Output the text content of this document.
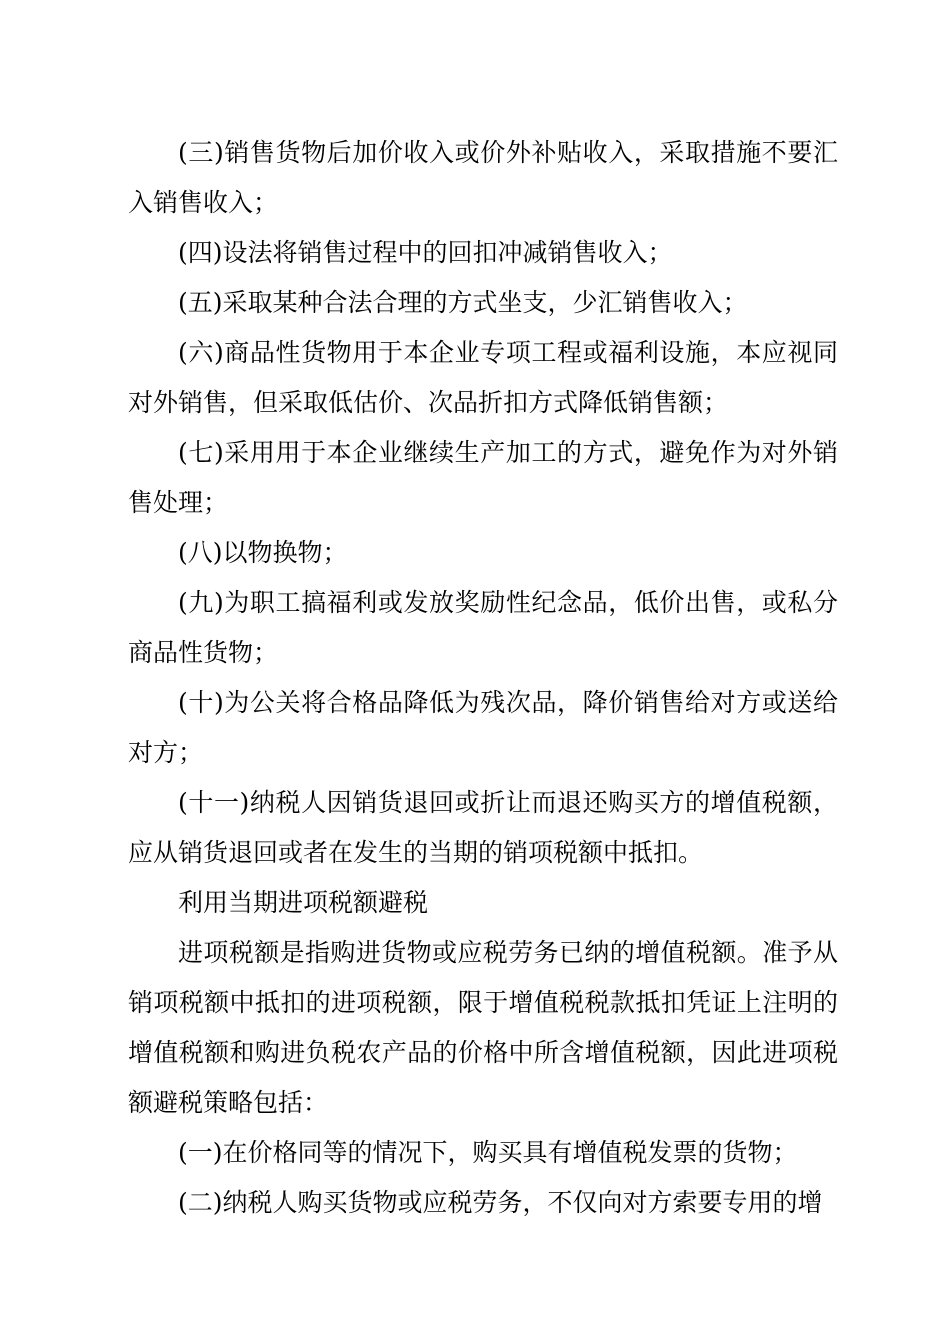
(三)销售货物后加价收入或价外补贴收入，采取措施不要汇入销售收入；

(四)设法将销售过程中的回扣冲减销售收入；

(五)采取某种合法合理的方式坐支，少汇销售收入；

(六)商品性货物用于本企业专项工程或福利设施，本应视同对外销售，但采取低估价、次品折扣方式降低销售额；

(七)采用用于本企业继续生产加工的方式，避免作为对外销售处理；

(八)以物换物；

(九)为职工搞福利或发放奖励性纪念品，低价出售，或私分商品性货物；

(十)为公关将合格品降低为残次品，降价销售给对方或送给对方；

(十一)纳税人因销货退回或折让而退还购买方的增值税额，应从销货退回或者在发生的当期的销项税额中抵扣。

利用当期进项税额避税

进项税额是指购进货物或应税劳务已纳的增值税额。准予从销项税额中抵扣的进项税额，限于增值税税款抵扣凭证上注明的增值税额和购进负税农产品的价格中所含增值税额，因此进项税额避税策略包括：

(一)在价格同等的情况下，购买具有增值税发票的货物；

(二)纳税人购买货物或应税劳务，不仅向对方索要专用的增
